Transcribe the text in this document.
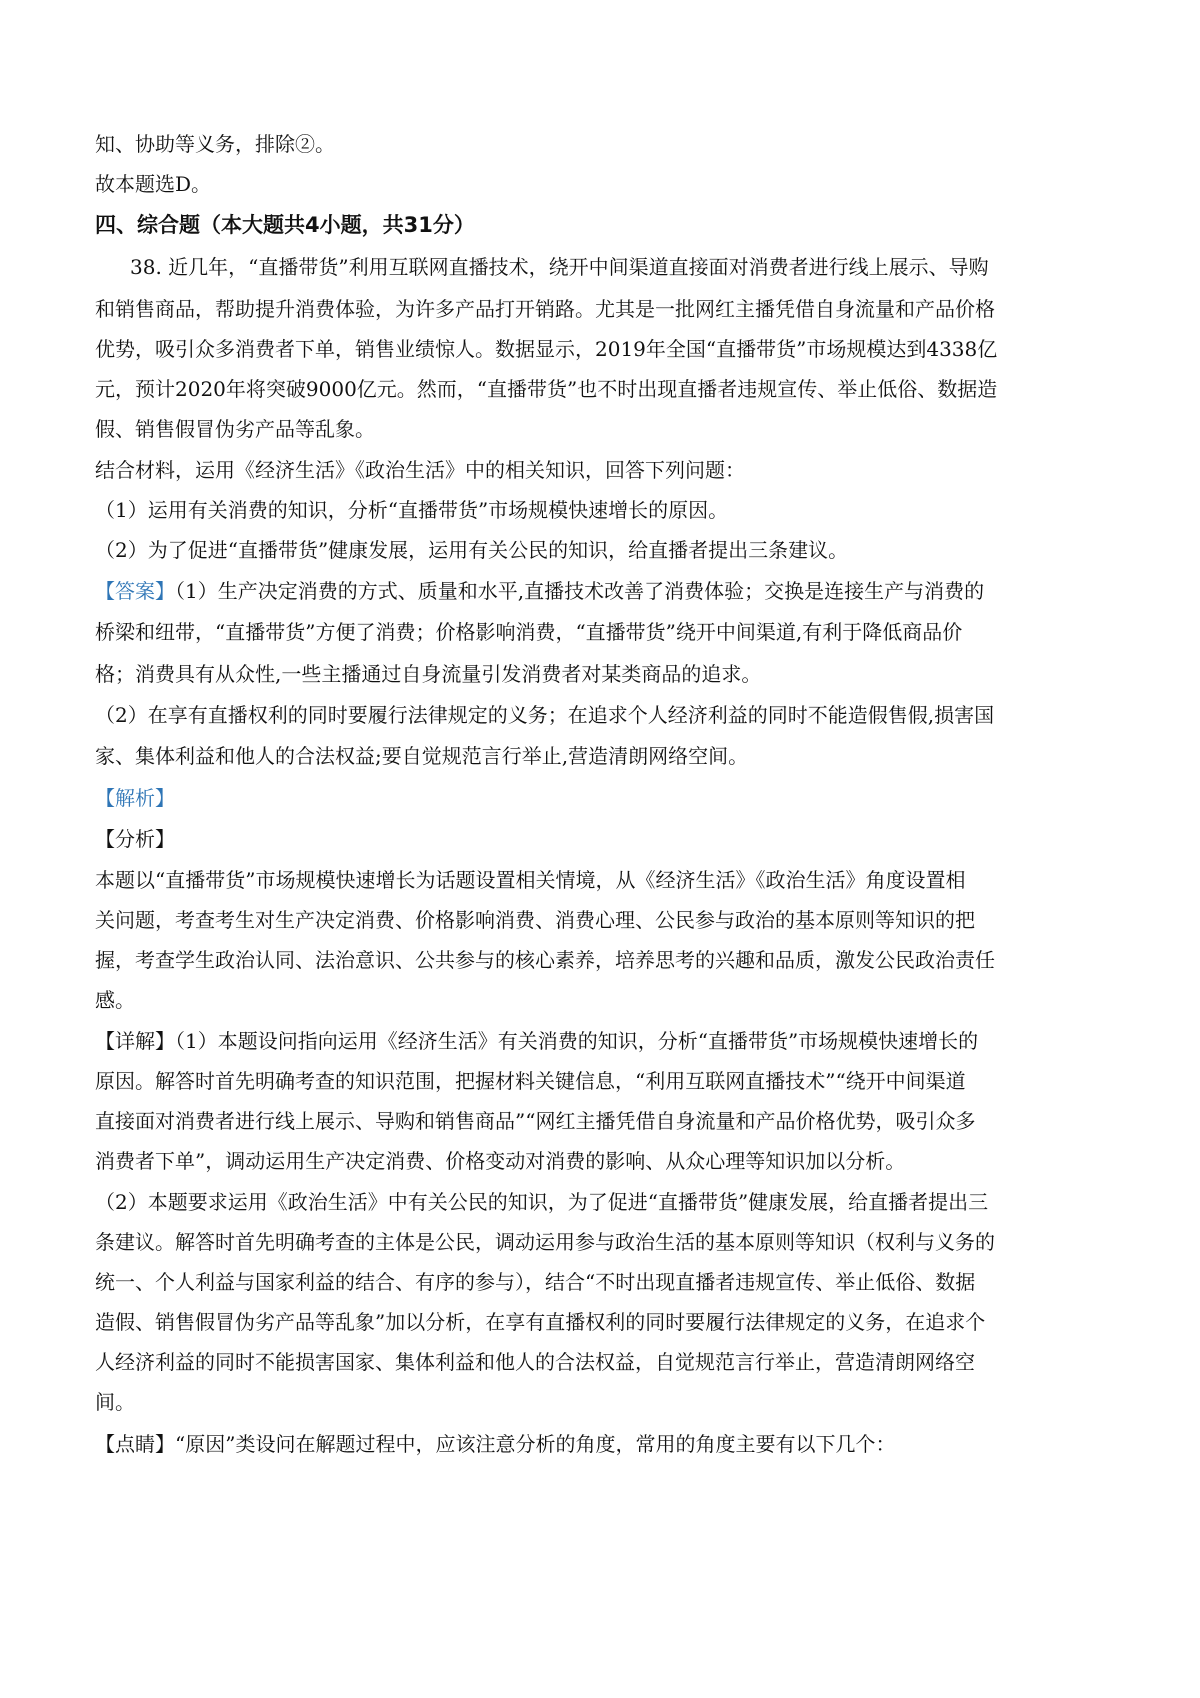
知、协助等义务，排除②。
故本题选D。
四、综合题（本大题共4小题，共31分）
38. 近几年，“直播带货”利用互联网直播技术，绕开中间渠道直接面对消费者进行线上展示、导购
和销售商品，帮助提升消费体验，为许多产品打开销路。尤其是一批网红主播凭借自身流量和产品价格
优势，吸引众多消费者下单，销售业绩惊人。数据显示，2019年全国“直播带货”市场规模达到4338亿
元，预计2020年将突破9000亿元。然而，“直播带货”也不时出现直播者违规宣传、举止低俗、数据造
假、销售假冒伪劣产品等乱象。
结合材料，运用《经济生活》《政治生活》中的相关知识，回答下列问题：
（1）运用有关消费的知识，分析“直播带货”市场规模快速增长的原因。
（2）为了促进“直播带货”健康发展，运用有关公民的知识，给直播者提出三条建议。
【答案】（1）生产决定消费的方式、质量和水平,直播技术改善了消费体验；交换是连接生产与消费的
桥梁和纽带，“直播带货”方便了消费；价格影响消费，“直播带货”绕开中间渠道,有利于降低商品价
格；消费具有从众性,一些主播通过自身流量引发消费者对某类商品的追求。
（2）在享有直播权利的同时要履行法律规定的义务；在追求个人经济利益的同时不能造假售假,损害国
家、集体利益和他人的合法权益;要自觉规范言行举止,营造清朗网络空间。
【解析】
【分析】
本题以“直播带货”市场规模快速增长为话题设置相关情境，从《经济生活》《政治生活》角度设置相
关问题，考查考生对生产决定消费、价格影响消费、消费心理、公民参与政治的基本原则等知识的把
握，考查学生政治认同、法治意识、公共参与的核心素养，培养思考的兴趣和品质，激发公民政治责任
感。
【详解】（1）本题设问指向运用《经济生活》有关消费的知识，分析“直播带货”市场规模快速增长的
原因。解答时首先明确考查的知识范围，把握材料关键信息，“利用互联网直播技术”“绕开中间渠道
直接面对消费者进行线上展示、导购和销售商品”“网红主播凭借自身流量和产品价格优势，吸引众多
消费者下单”，调动运用生产决定消费、价格变动对消费的影响、从众心理等知识加以分析。
（2）本题要求运用《政治生活》中有关公民的知识，为了促进“直播带货”健康发展，给直播者提出三
条建议。解答时首先明确考查的主体是公民，调动运用参与政治生活的基本原则等知识（权利与义务的
统一、个人利益与国家利益的结合、有序的参与），结合“不时出现直播者违规宣传、举止低俗、数据
造假、销售假冒伪劣产品等乱象”加以分析，在享有直播权利的同时要履行法律规定的义务，在追求个
人经济利益的同时不能损害国家、集体利益和他人的合法权益，自觉规范言行举止，营造清朗网络空
间。
【点睛】“原因”类设问在解题过程中，应该注意分析的角度，常用的角度主要有以下几个：
